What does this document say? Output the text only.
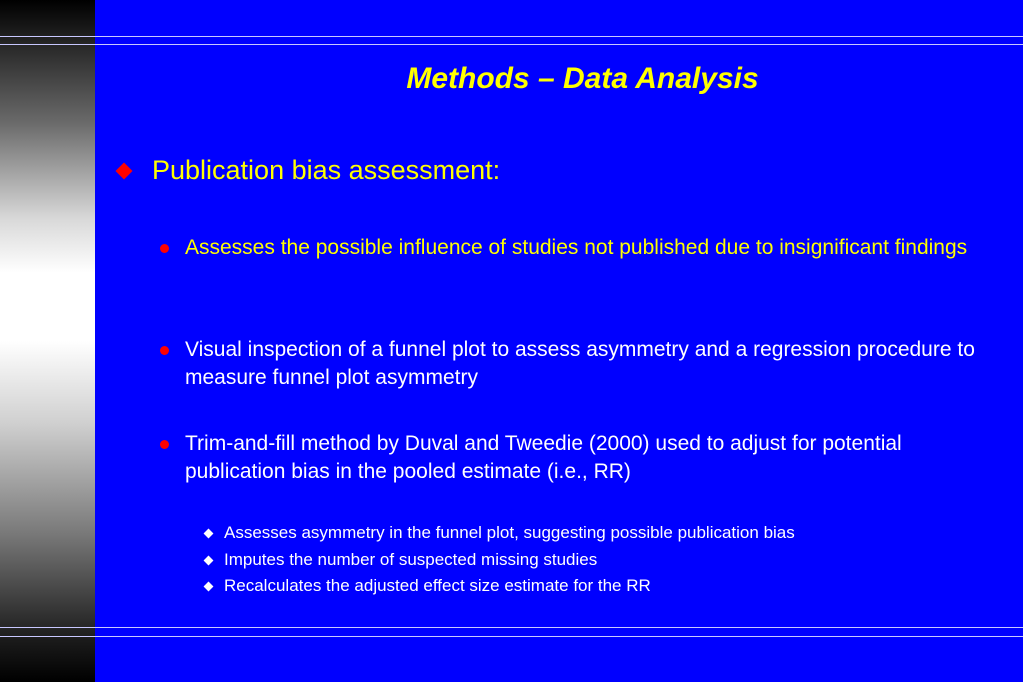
Methods – Data Analysis
Publication bias assessment:
Assesses the possible influence of studies not published due to insignificant findings
Visual inspection of a funnel plot to assess asymmetry and a regression procedure to measure funnel plot asymmetry
Trim-and-fill method by Duval and Tweedie (2000) used to adjust for potential publication bias in the pooled estimate (i.e., RR)
Assesses asymmetry in the funnel plot, suggesting possible publication bias
Imputes the number of suspected missing studies
Recalculates the adjusted effect size estimate for the RR
